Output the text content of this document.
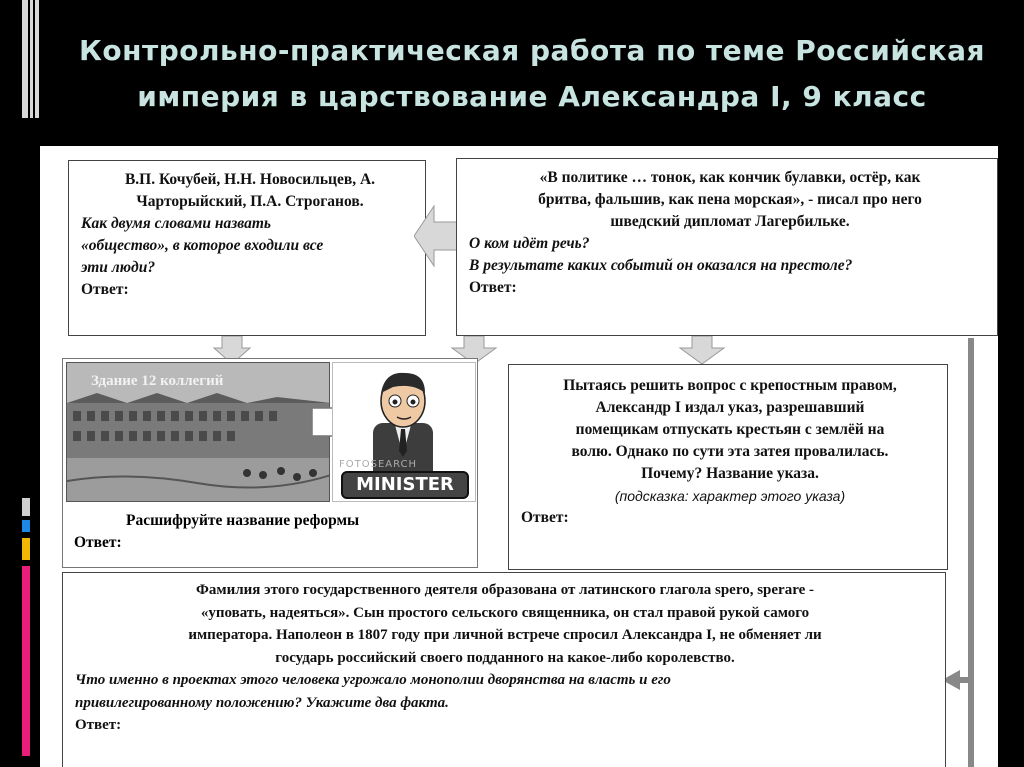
Контрольно-практическая работа по теме Российская
империя в царствование Александра I, 9 класс
В.П. Кочубей, Н.Н. Новосильцев, А.
Чарторыйский, П.А. Строганов.
Как двумя словами назвать
«общество», в которое входили все
эти люди?
Ответ:
«В политике … тонок, как кончик булавки, остёр, как
бритва, фальшив, как пена морская», - писал про него
шведский дипломат Лагербильке.
О ком идёт речь?
В результате каких событий он оказался на престоле?
Ответ:
Здание 12 коллегий
FOTOSEARCH
MINISTER
Расшифруйте название реформы
Ответ:
Пытаясь решить вопрос с крепостным правом,
Александр I издал указ, разрешавший
помещикам отпускать крестьян с землёй на
волю. Однако по сути эта затея провалилась.
Почему? Название указа.
(подсказка: характер этого указа)
Ответ:
Фамилия этого государственного деятеля образована от латинского глагола spero, sperare -
«уповать, надеяться». Сын простого сельского священника, он стал правой рукой самого
императора. Наполеон в 1807 году при личной встрече спросил Александра I, не обменяет ли
государь российский своего подданного на какое-либо королевство.
Что именно в проектах этого человека угрожало монополии дворянства на власть и его
привилегированному положению? Укажите два факта.
Ответ:
